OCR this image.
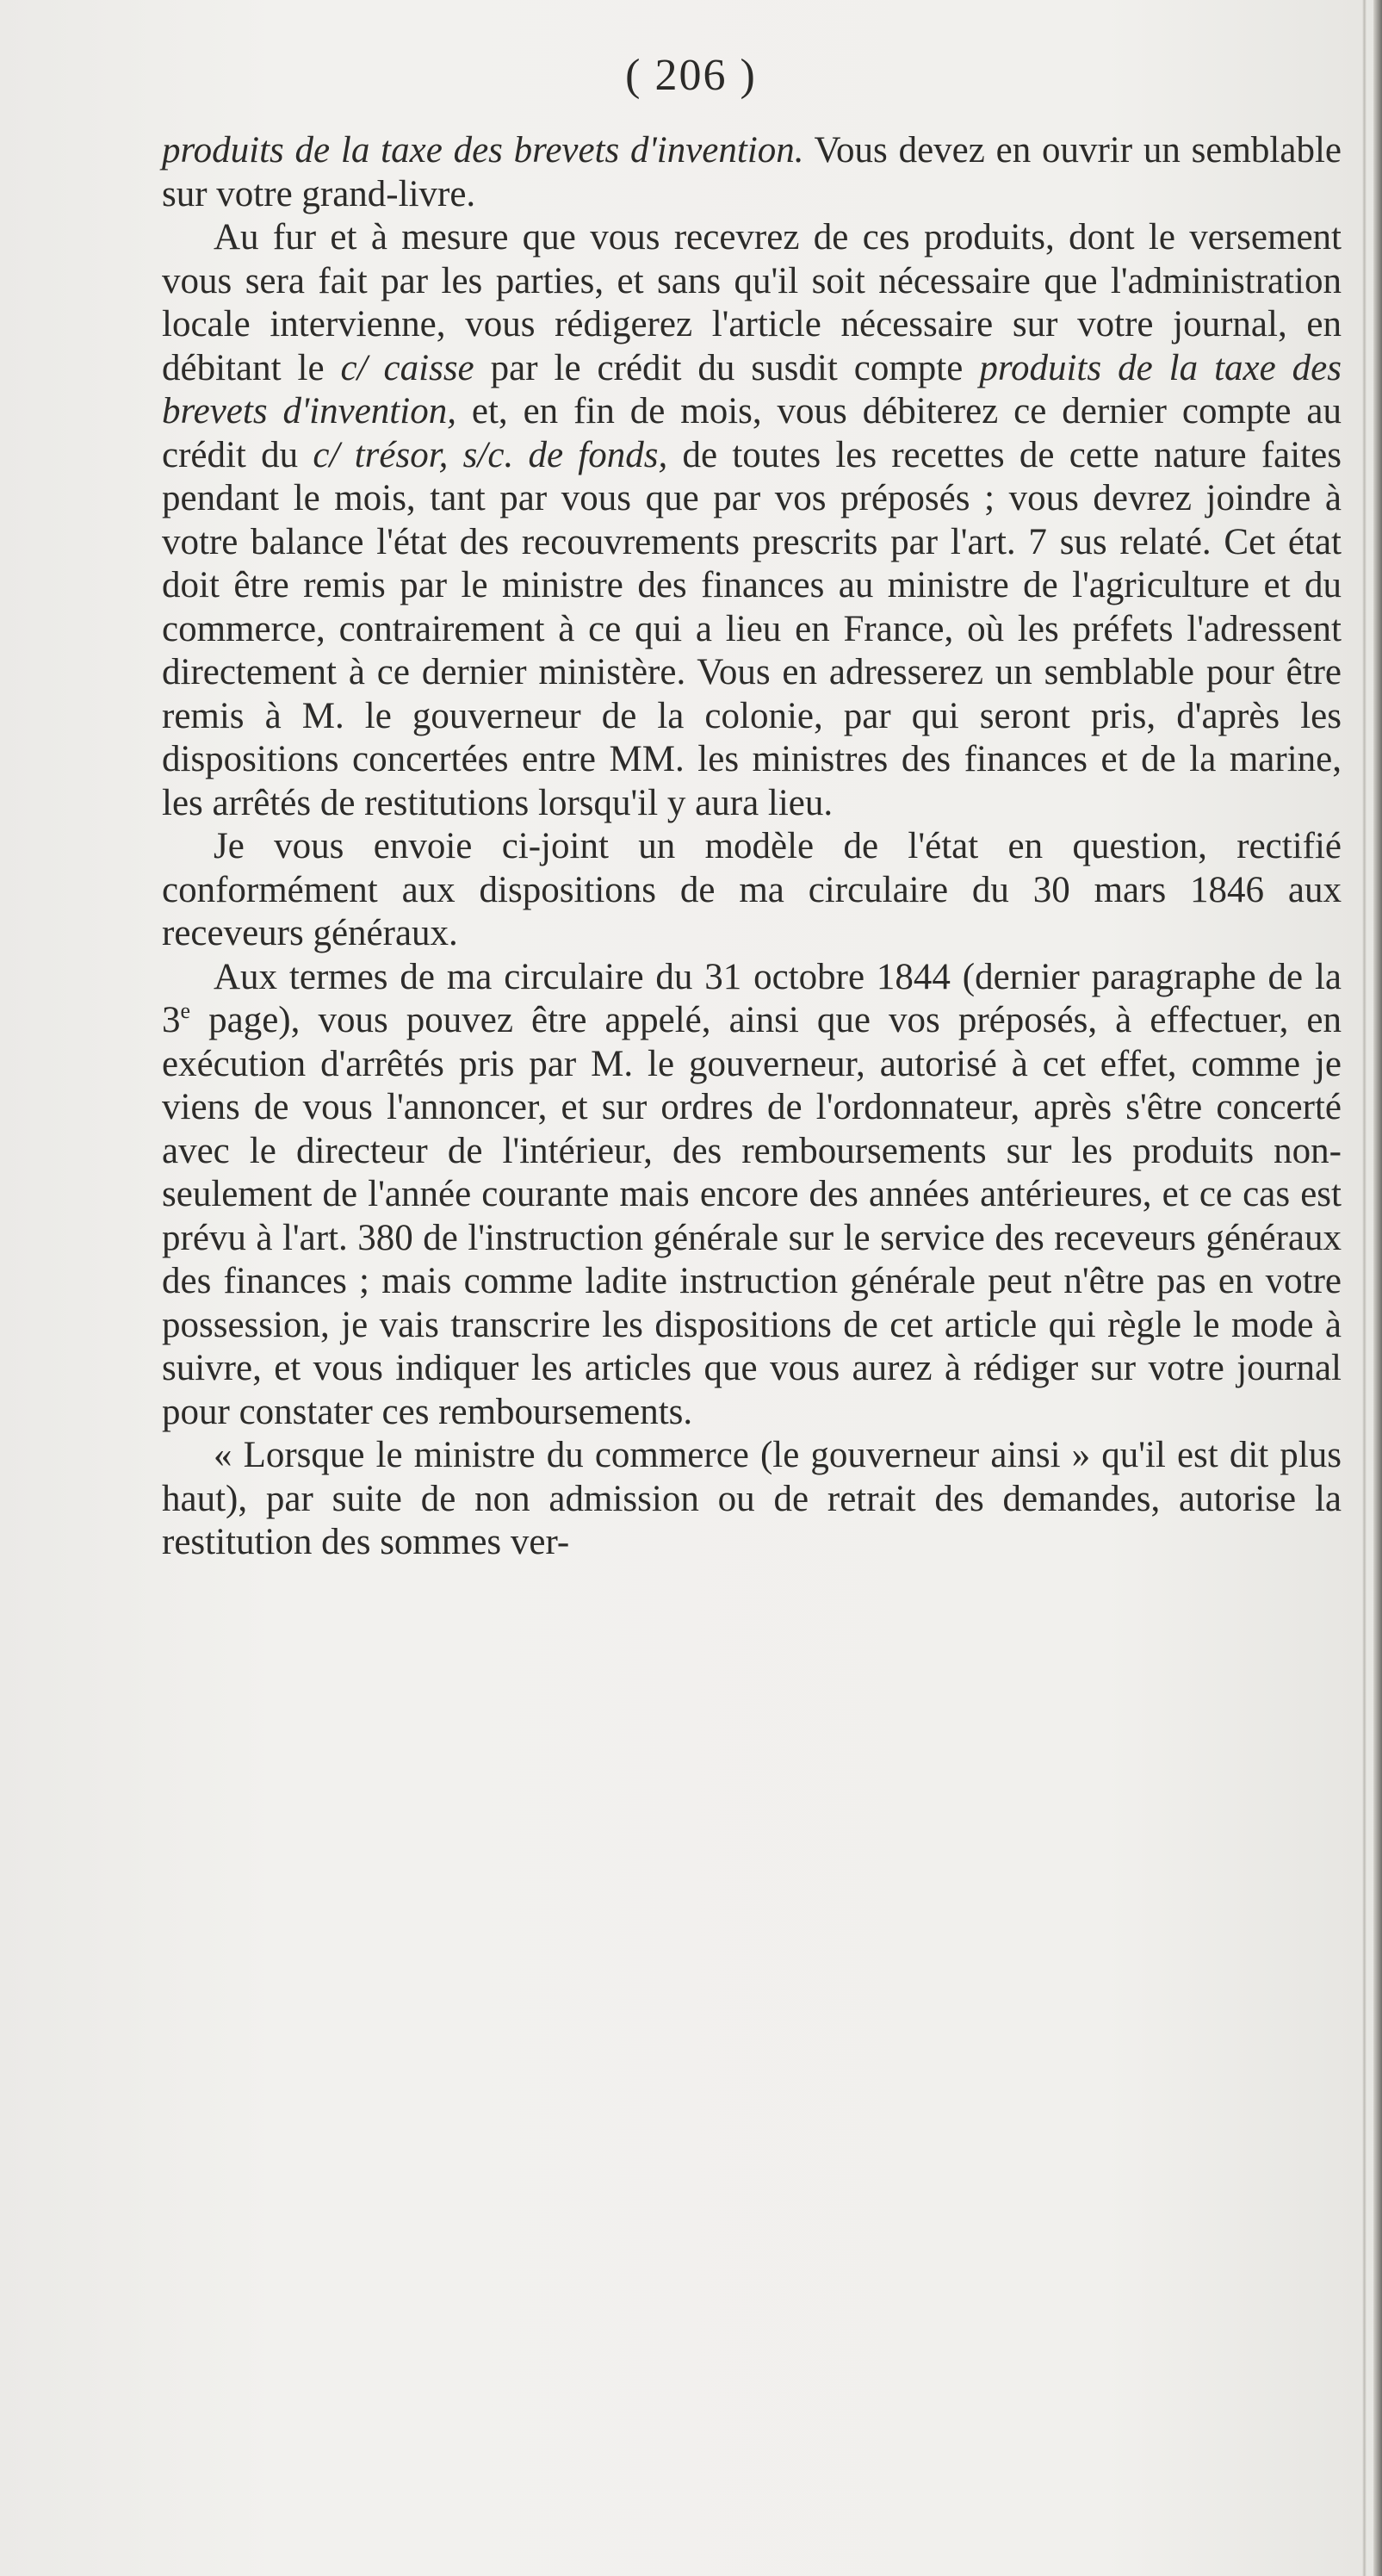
( 206 )

produits de la taxe des brevets d'invention. Vous devez en ouvrir un semblable sur votre grand-livre.

Au fur et à mesure que vous recevrez de ces produits, dont le versement vous sera fait par les parties, et sans qu'il soit nécessaire que l'administration locale intervienne, vous rédigerez l'article nécessaire sur votre journal, en débitant le c/ caisse par le crédit du susdit compte produits de la taxe des brevets d'invention, et, en fin de mois, vous débiterez ce dernier compte au crédit du c/ trésor, s/c. de fonds, de toutes les recettes de cette nature faites pendant le mois, tant par vous que par vos préposés ; vous devrez joindre à votre balance l'état des recouvrements prescrits par l'art. 7 sus relaté. Cet état doit être remis par le ministre des finances au ministre de l'agriculture et du commerce, contrairement à ce qui a lieu en France, où les préfets l'adressent directement à ce dernier ministère. Vous en adresserez un semblable pour être remis à M. le gouverneur de la colonie, par qui seront pris, d'après les dispositions concertées entre MM. les ministres des finances et de la marine, les arrêtés de restitutions lorsqu'il y aura lieu.

Je vous envoie ci-joint un modèle de l'état en question, rectifié conformément aux dispositions de ma circulaire du 30 mars 1846 aux receveurs généraux.

Aux termes de ma circulaire du 31 octobre 1844 (dernier paragraphe de la 3e page), vous pouvez être appelé, ainsi que vos préposés, à effectuer, en exécution d'arrêtés pris par M. le gouverneur, autorisé à cet effet, comme je viens de vous l'annoncer, et sur ordres de l'ordonnateur, après s'être concerté avec le directeur de l'intérieur, des remboursements sur les produits non-seulement de l'année courante mais encore des années antérieures, et ce cas est prévu à l'art. 380 de l'instruction générale sur le service des receveurs généraux des finances ; mais comme ladite instruction générale peut n'être pas en votre possession, je vais transcrire les dispositions de cet article qui règle le mode à suivre, et vous indiquer les articles que vous aurez à rédiger sur votre journal pour constater ces remboursements.

« Lorsque le ministre du commerce (le gouverneur ainsi » qu'il est dit plus haut), par suite de non admission ou de retrait des demandes, autorise la restitution des sommes ver-
